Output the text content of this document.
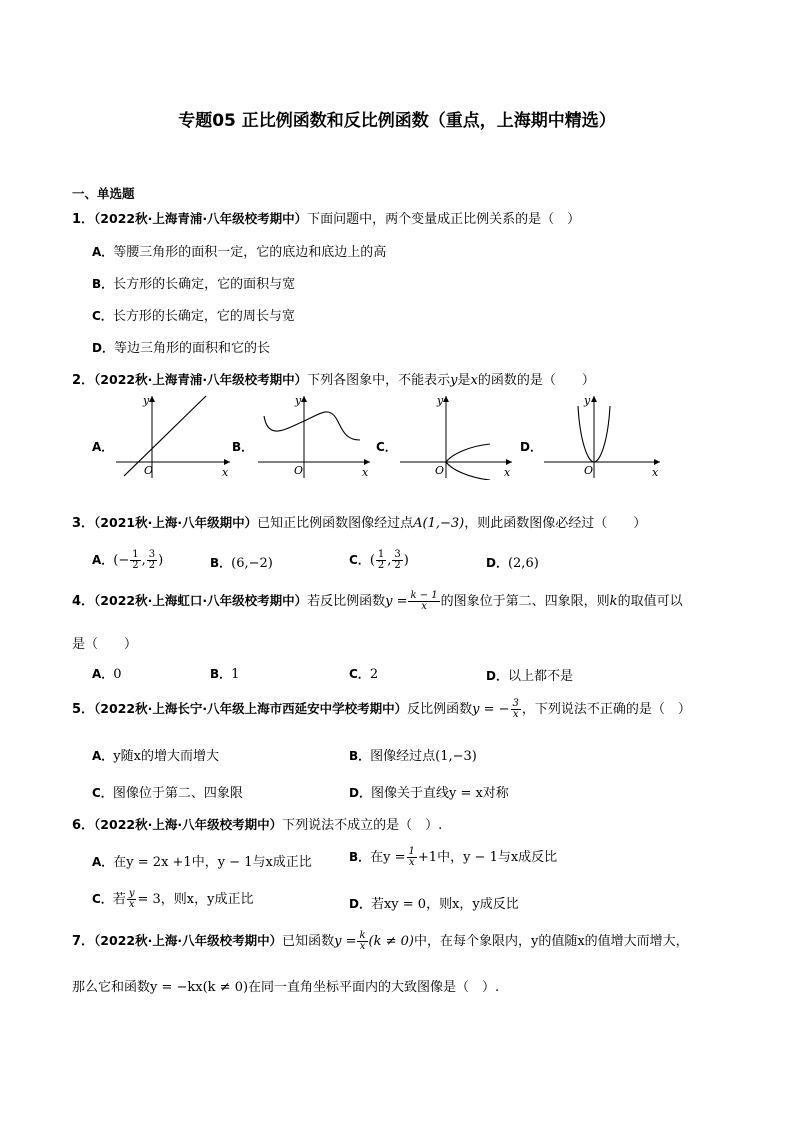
专题05 正比例函数和反比例函数（重点，上海期中精选）
一、单选题
1．（2022秋·上海青浦·八年级校考期中）下面问题中，两个变量成正比例关系的是（　）
A．等腰三角形的面积一定，它的底边和底边上的高
B．长方形的长确定，它的面积与宽
C．长方形的长确定，它的周长与宽
D．等边三角形的面积和它的长
2．（2022秋·上海青浦·八年级校考期中）下列各图象中，不能表示y是x的函数的是（　　）
A．
y
O	x
B．
y
O	x
C．
y
O	x
D．
y
O	x
3．（2021秋·上海·八年级期中）已知正比例函数图像经过点A(1,−3)，则此函数图像必经过（　　）
A．(− $\frac{1}{2}$ , $\frac{3}{2}$ )	B．(6,−2)	C．( $\frac{1}{2}$ , $\frac{3}{2}$ )	D．(2,6)
4．（2022秋·上海虹口·八年级校考期中）若反比例函数$y = \frac{k - 1}{x}$ 的图象位于第二、四象限，则k的取值可以
是（　　）
A．0	B．1	C．2	D．以上都不是
5．（2022秋·上海长宁·八年级上海市西延安中学校考期中）反比例函数y = − $\frac{3}{x}$ ，下列说法不正确的是（　）
A．y随x的增大而增大	B．图像经过点(1,−3)
C．图像位于第二、四象限	D．图像关于直线y = x对称
6．（2022秋·上海·八年级校考期中）下列说法不成立的是（　）.
A．在y = 2x +1中，y − 1与x成正比	B．在$y = \frac{1}{x} +1$中，y − 1与x成反比
C．若 $\frac{y}{x} = 3$，则x，y成正比	D．若xy = 0，则x，y成反比
7．（2022秋·上海·八年级校考期中）已知函数$y = \frac{k}{x} (k \ne 0)$中，在每个象限内，y的值随x的值增大而增大，
那么它和函数y = −kx(k ≠ 0)在同一直角坐标平面内的大致图像是（　）.
